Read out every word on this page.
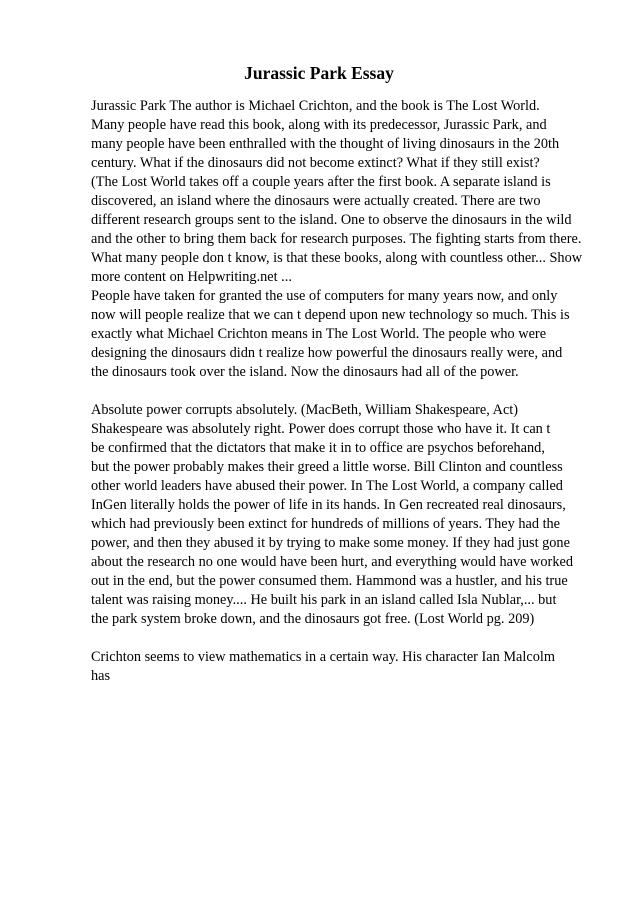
Jurassic Park Essay
Jurassic Park The author is Michael Crichton, and the book is The Lost World.
Many people have read this book, along with its predecessor, Jurassic Park, and
many people have been enthralled with the thought of living dinosaurs in the 20th
century. What if the dinosaurs did not become extinct? What if they still exist?
(The Lost World takes off a couple years after the first book. A separate island is
discovered, an island where the dinosaurs were actually created. There are two
different research groups sent to the island. One to observe the dinosaurs in the wild
and the other to bring them back for research purposes. The fighting starts from there.
What many people don t know, is that these books, along with countless other... Show
more content on Helpwriting.net ...
People have taken for granted the use of computers for many years now, and only
now will people realize that we can t depend upon new technology so much. This is
exactly what Michael Crichton means in The Lost World. The people who were
designing the dinosaurs didn t realize how powerful the dinosaurs really were, and
the dinosaurs took over the island. Now the dinosaurs had all of the power.
Absolute power corrupts absolutely. (MacBeth, William Shakespeare, Act)
Shakespeare was absolutely right. Power does corrupt those who have it. It can t
be confirmed that the dictators that make it in to office are psychos beforehand,
but the power probably makes their greed a little worse. Bill Clinton and countless
other world leaders have abused their power. In The Lost World, a company called
InGen literally holds the power of life in its hands. In Gen recreated real dinosaurs,
which had previously been extinct for hundreds of millions of years. They had the
power, and then they abused it by trying to make some money. If they had just gone
about the research no one would have been hurt, and everything would have worked
out in the end, but the power consumed them. Hammond was a hustler, and his true
talent was raising money.... He built his park in an island called Isla Nublar,... but
the park system broke down, and the dinosaurs got free. (Lost World pg. 209)
Crichton seems to view mathematics in a certain way. His character Ian Malcolm
has
